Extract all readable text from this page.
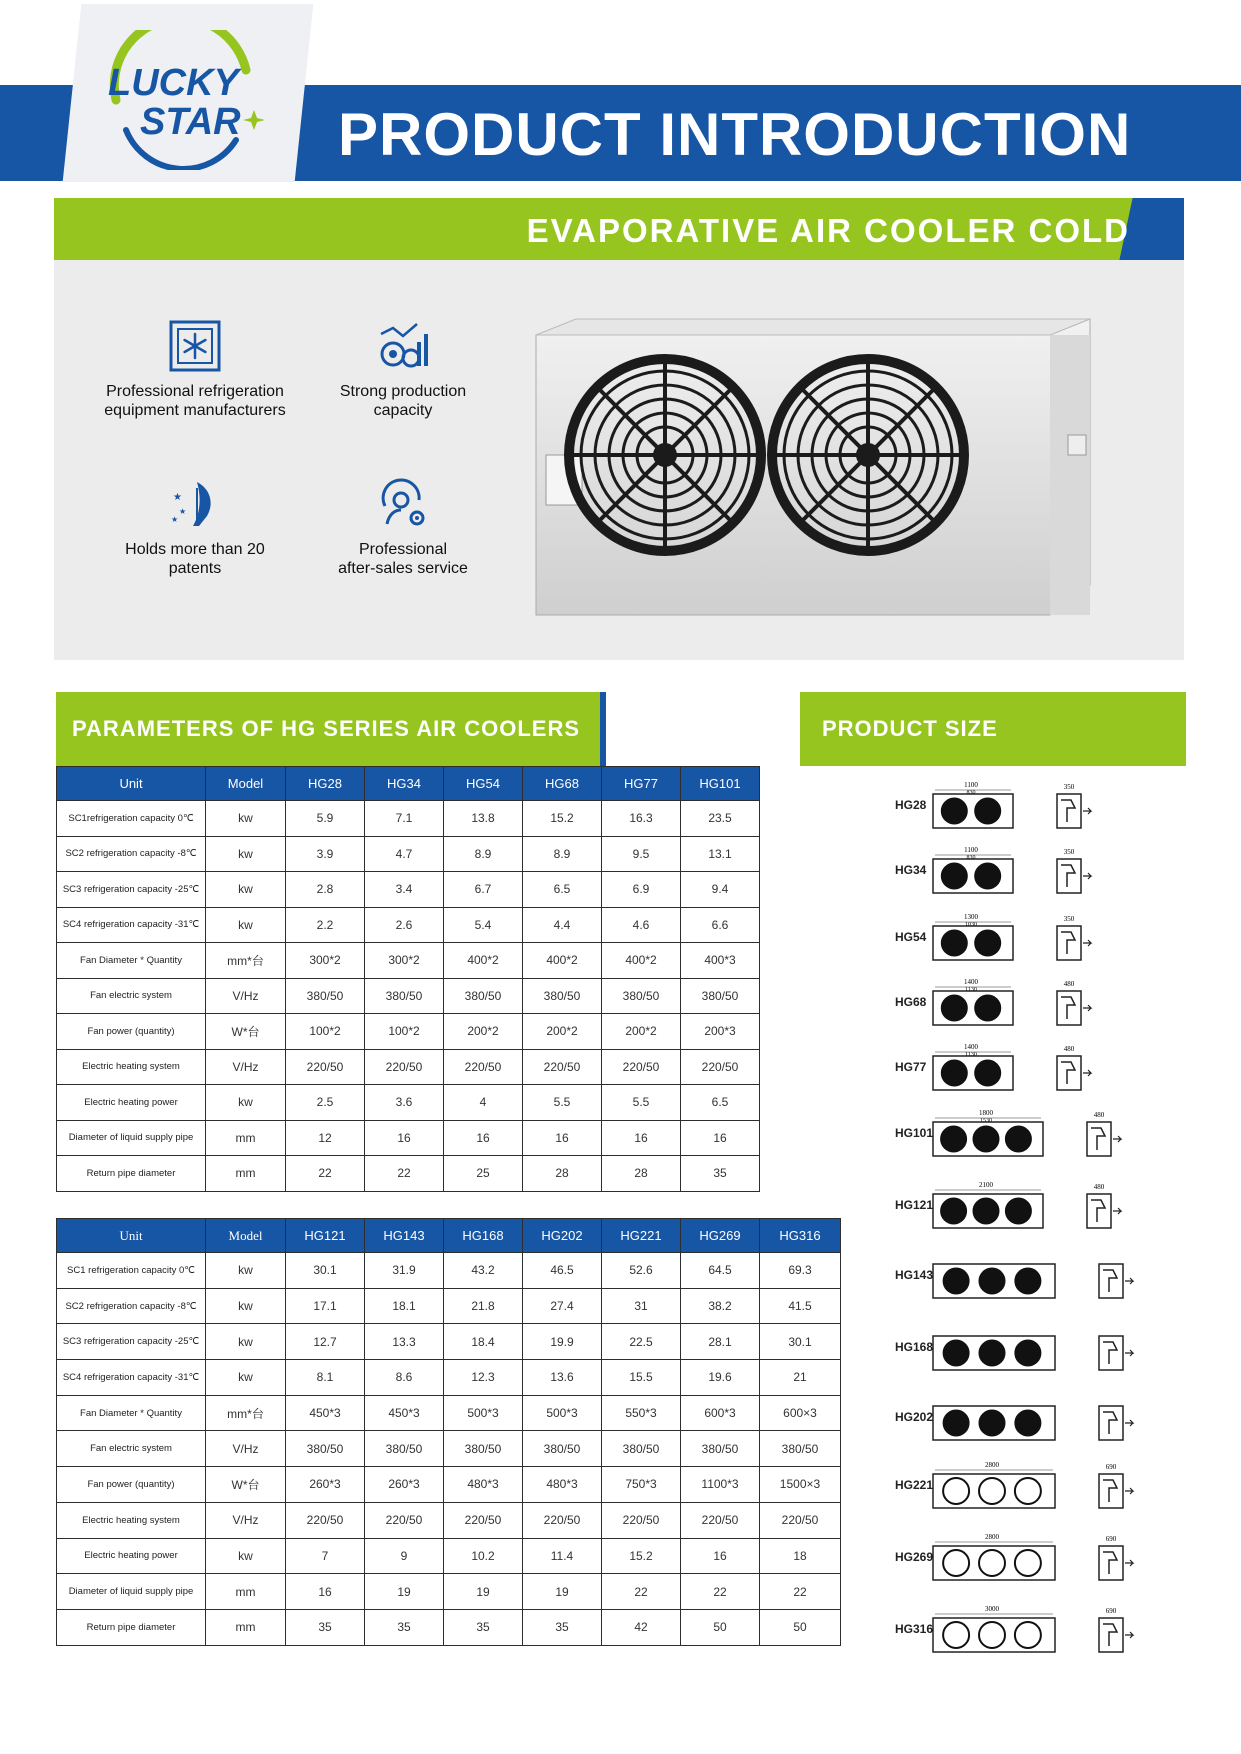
LUCKY
STAR PRODUCT INTRODUCTION
EVAPORATIVE AIR COOLER COLD
Professional refrigeration
equipment manufacturers
Strong production
capacity
★
★
★
Holds more than 20
patents
Professional
after-sales service
PARAMETERS OF HG SERIES AIR COOLERS	PRODUCT SIZE
Unit	Model	HG28	HG34	HG54	HG68	HG77	HG101
SC1refrigeration capacity 0℃	kw	5.9	7.1	13.8	15.2	16.3	23.5
SC2 refrigeration capacity -8℃	kw	3.9	4.7	8.9	8.9	9.5	13.1
SC3 refrigeration capacity -25℃	kw	2.8	3.4	6.7	6.5	6.9	9.4
SC4 refrigeration capacity -31℃	kw	2.2	2.6	5.4	4.4	4.6	6.6
Fan Diameter * Quantity	mm*台	300*2	300*2	400*2	400*2	400*2	400*3
Fan electric system	V/Hz	380/50	380/50	380/50	380/50	380/50	380/50
Fan power (quantity)	W*台	100*2	100*2	200*2	200*2	200*2	200*3
Electric heating system	V/Hz	220/50	220/50	220/50	220/50	220/50	220/50
Electric heating power	kw	2.5	3.6	4	5.5	5.5	6.5
Diameter of liquid supply pipe	mm	12	16	16	16	16	16
Return pipe diameter	mm	22	22	25	28	28	35
Unit	Model	HG121	HG143	HG168	HG202	HG221	HG269	HG316
SC1 refrigeration capacity 0℃	kw	30.1	31.9	43.2	46.5	52.6	64.5	69.3
SC2 refrigeration capacity -8℃	kw	17.1	18.1	21.8	27.4	31	38.2	41.5
SC3 refrigeration capacity -25℃	kw	12.7	13.3	18.4	19.9	22.5	28.1	30.1
SC4 refrigeration capacity -31℃	kw	8.1	8.6	12.3	13.6	15.5	19.6	21
Fan Diameter * Quantity	mm*台	450*3	450*3	500*3	500*3	550*3	600*3	600×3
Fan electric system	V/Hz	380/50	380/50	380/50	380/50	380/50	380/50	380/50
Fan power (quantity)	W*台	260*3	260*3	480*3	480*3	750*3	1100*3	1500×3
Electric heating system	V/Hz	220/50	220/50	220/50	220/50	220/50	220/50	220/50
Electric heating power	kw	7	9	10.2	11.4	15.2	16	18
Diameter of liquid supply pipe	mm	16	19	19	19	22	22	22
Return pipe diameter	mm	35	35	35	35	42	50	50
HG28
1100
830
350
HG34
1100
830
350
HG54
1300
1030
350
HG68
1400
1130
480
HG77
1400
1130
480
HG101
1800
1530
480
HG121
2100	480
HG143
HG168
HG202
HG221
2800	690
HG269
2800	690
HG316
3000	690
